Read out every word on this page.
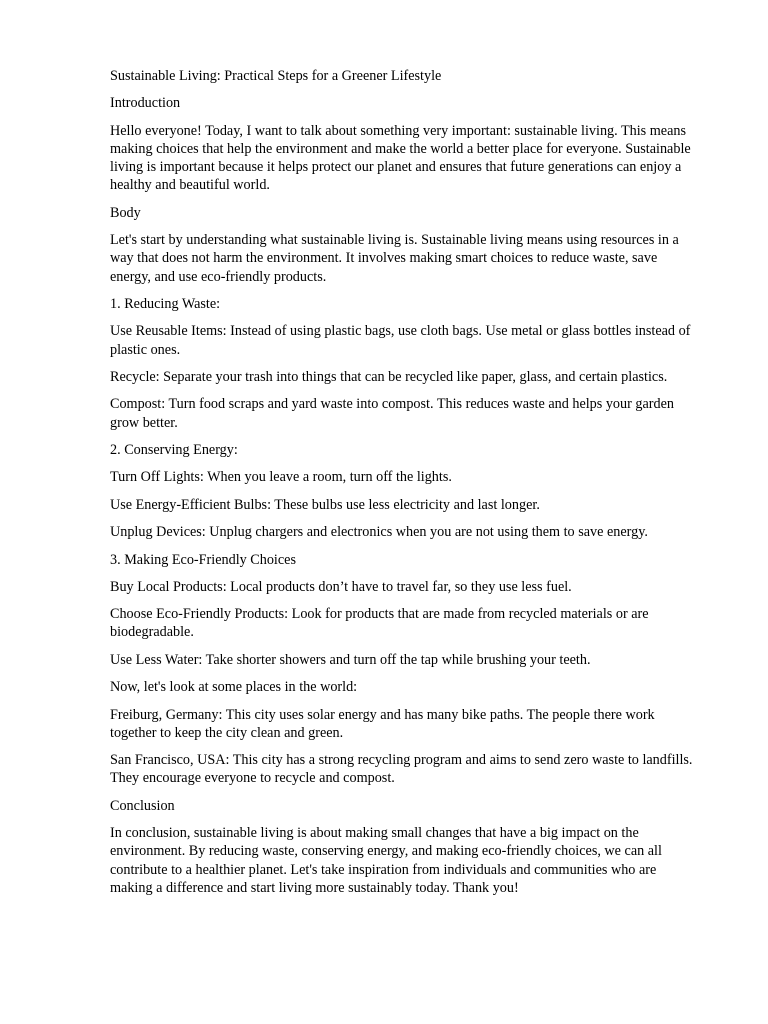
Sustainable Living: Practical Steps for a Greener Lifestyle

Introduction

Hello everyone! Today, I want to talk about something very important: sustainable living. This means making choices that help the environment and make the world a better place for everyone. Sustainable living is important because it helps protect our planet and ensures that future generations can enjoy a healthy and beautiful world.

Body

Let's start by understanding what sustainable living is. Sustainable living means using resources in a way that does not harm the environment. It involves making smart choices to reduce waste, save energy, and use eco-friendly products.

1. Reducing Waste:

Use Reusable Items: Instead of using plastic bags, use cloth bags. Use metal or glass bottles instead of plastic ones.

Recycle: Separate your trash into things that can be recycled like paper, glass, and certain plastics.

Compost: Turn food scraps and yard waste into compost. This reduces waste and helps your garden grow better.

2. Conserving Energy:

Turn Off Lights: When you leave a room, turn off the lights.

Use Energy-Efficient Bulbs: These bulbs use less electricity and last longer.

Unplug Devices: Unplug chargers and electronics when you are not using them to save energy.

3. Making Eco-Friendly Choices

Buy Local Products: Local products don’t have to travel far, so they use less fuel.

Choose Eco-Friendly Products: Look for products that are made from recycled materials or are biodegradable.

Use Less Water: Take shorter showers and turn off the tap while brushing your teeth.

Now, let's look at some places in the world:

Freiburg, Germany: This city uses solar energy and has many bike paths. The people there work together to keep the city clean and green.

San Francisco, USA: This city has a strong recycling program and aims to send zero waste to landfills. They encourage everyone to recycle and compost.

Conclusion

In conclusion, sustainable living is about making small changes that have a big impact on the environment. By reducing waste, conserving energy, and making eco-friendly choices, we can all contribute to a healthier planet. Let's take inspiration from individuals and communities who are making a difference and start living more sustainably today. Thank you!
